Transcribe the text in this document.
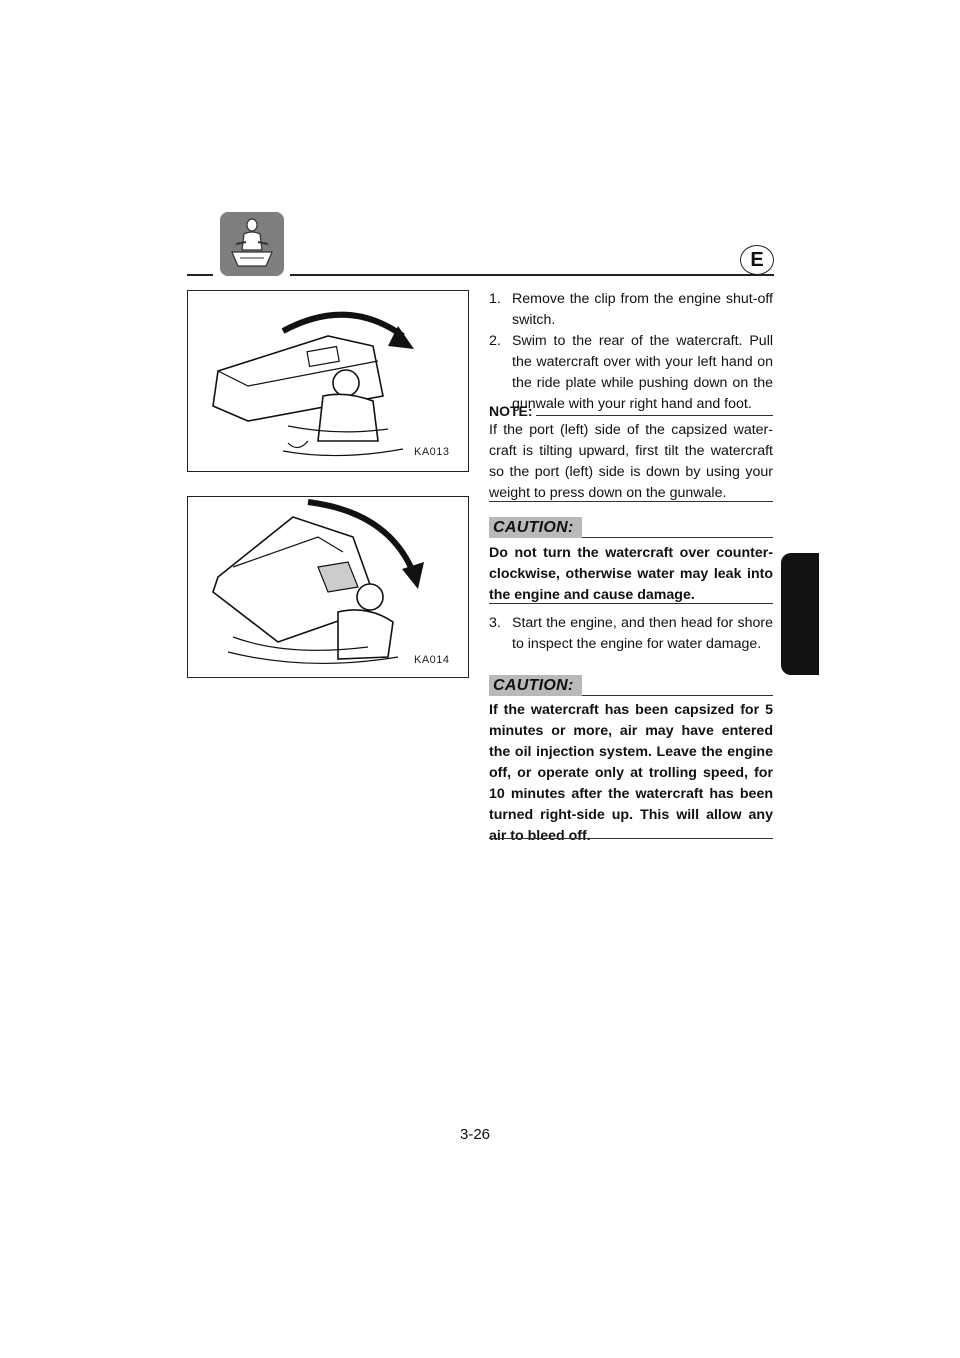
E
KA013
KA014
1. Remove the clip from the engine shut-off switch.
2. Swim to the rear of the watercraft. Pull the watercraft over with your left hand on the ride plate while pushing down on the gunwale with your right hand and foot.
NOTE:
If the port (left) side of the capsized water-craft is tilting upward, first tilt the watercraft so the port (left) side is down by using your weight to press down on the gunwale.
CAUTION:
Do not turn the watercraft over counter-clockwise, otherwise water may leak into the engine and cause damage.
3. Start the engine, and then head for shore to inspect the engine for water damage.
CAUTION:
If the watercraft has been capsized for 5 minutes or more, air may have entered the oil injection system. Leave the engine off, or operate only at trolling speed, for 10 minutes after the watercraft has been turned right-side up. This will allow any air to bleed off.
3-26
